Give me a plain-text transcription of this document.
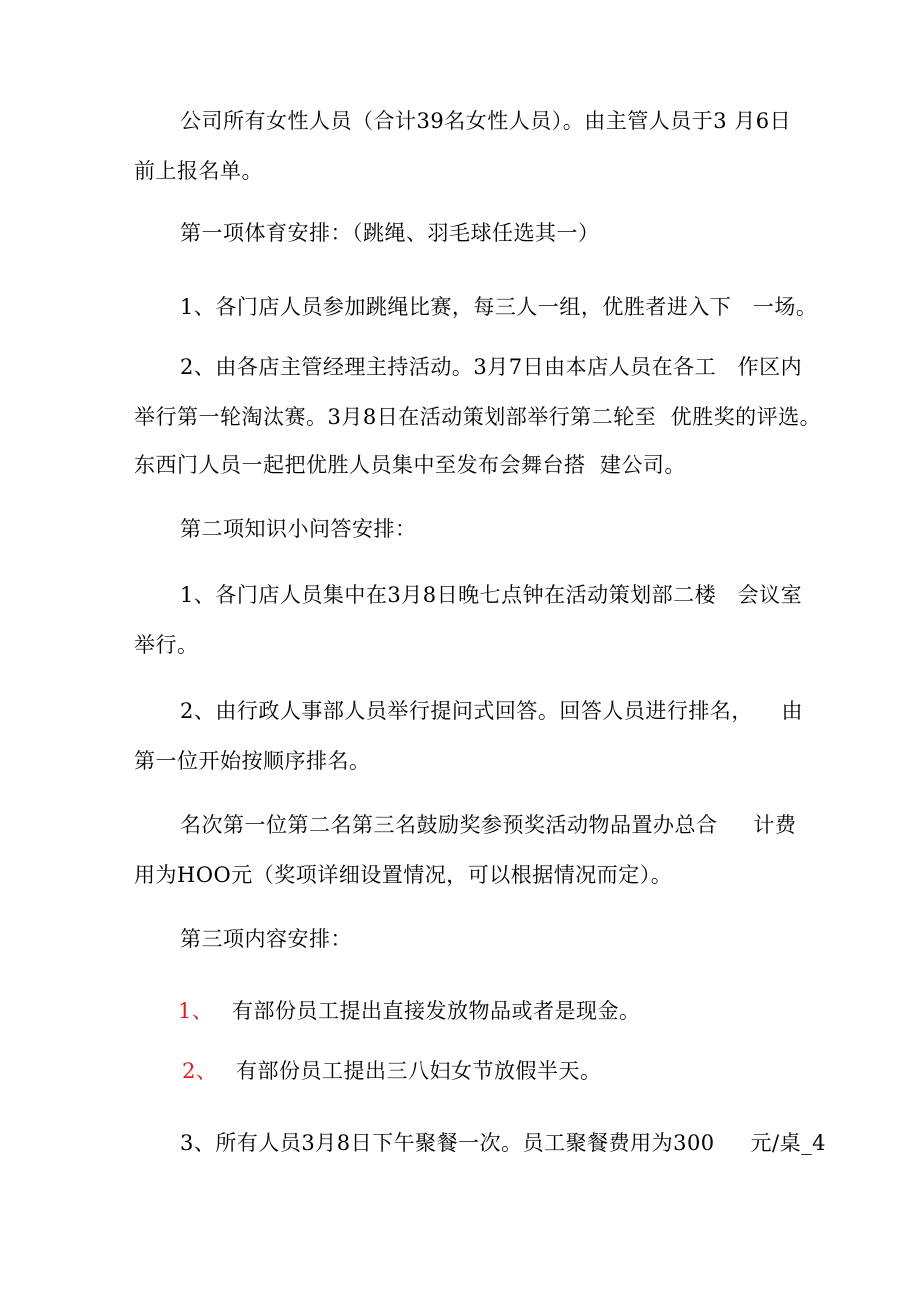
公司所有女性人员（合计39名女性人员）。由主管人员于3 月6日
前上报名单。
第一项体育安排：（跳绳、羽毛球任选其一）
1、各门店人员参加跳绳比赛，每三人一组，优胜者进入下   一场。
2、由各店主管经理主持活动。3月7日由本店人员在各工   作区内
举行第一轮淘汰赛。3月8日在活动策划部举行第二轮至  优胜奖的评选。
东西门人员一起把优胜人员集中至发布会舞台搭  建公司。
第二项知识小问答安排：
1、各门店人员集中在3月8日晚七点钟在活动策划部二楼   会议室
举行。
2、由行政人事部人员举行提问式回答。回答人员进行排名，    由
第一位开始按顺序排名。
名次第一位第二名第三名鼓励奖参预奖活动物品置办总合     计费
用为HOO元（奖项详细设置情况，可以根据情况而定）。
第三项内容安排：
1、 有部份员工提出直接发放物品或者是现金。
2、 有部份员工提出三八妇女节放假半天。
3、所有人员3月8日下午聚餐一次。员工聚餐费用为300     元/桌_4
